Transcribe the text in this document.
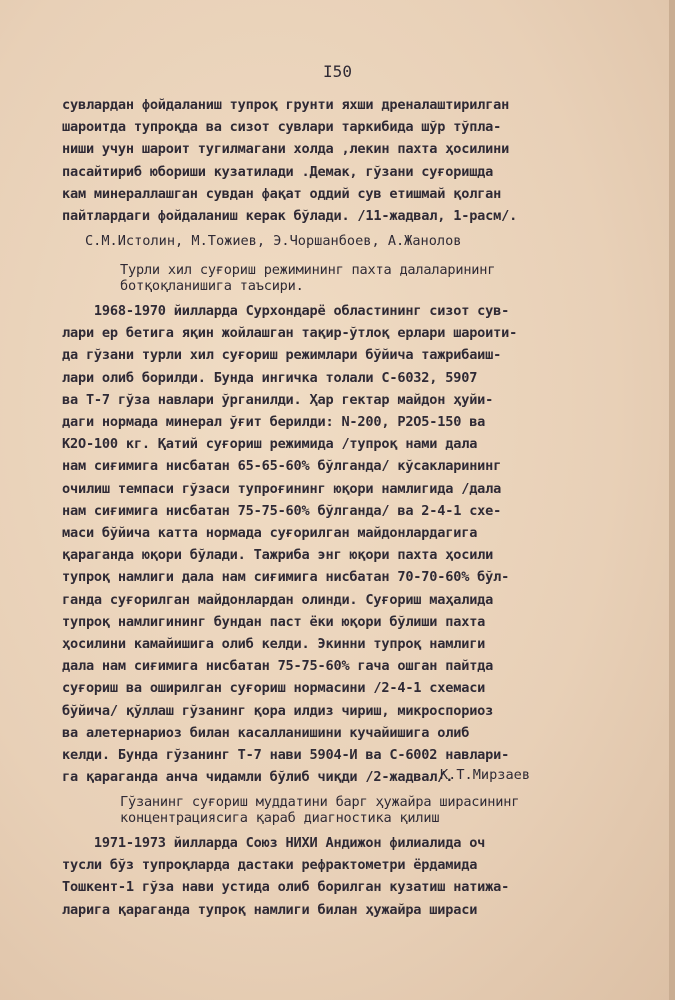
I50
сувлардан фойдаланиш тупроқ грунти яхши дреналаштирилган
шароитда тупроқда ва сизот сувлари таркибида шўр тўпла-
ниши учун шароит тугилмагани холда ,лекин пахта ҳосилини
пасайтириб юбориши кузатилади .Демак, гўзани суғоришда
кам минераллашган сувдан фақат оддий сув етишмай қолган
пайтлардаги фойдаланиш керак бўлади. /11-жадвал, 1-расм/.
С.М.Истолин, М.Тожиев, Э.Чоршанбоев, А.Жанолов
Турли хил суғориш режимининг пахта далаларининг
ботқоқланишига таъсири.
1968-1970 йилларда Сурхондарё областининг сизот сув-
лари ер бетига яқин жойлашган тақир-ўтлоқ ерлари шароити-
да гўзани турли хил суғориш режимлари бўйича тажрибаиш-
лари олиб борилди. Бунда ингичка толали С-6032, 5907
ва Т-7 гўза навлари ўрганилди. Ҳар гектар майдон ҳуйи-
даги нормада минерал ўғит берилди: N-200, P2O5-150 ва
K2O-100 кг. Қатий суғориш режимида /тупроқ нами дала
нам сиғимига нисбатан 65-65-60% бўлганда/ кўсакларининг
очилиш темпаси гўзаси тупроғининг юқори намлигида /дала
нам сиғимига нисбатан 75-75-60% бўлганда/ ва 2-4-1 схе-
маси бўйича катта нормада суғорилган майдонлардагига
қараганда юқори бўлади. Тажриба энг юқори пахта ҳосили
тупроқ намлиги дала нам сиғимига нисбатан 70-70-60% бўл-
ганда суғорилган майдонлардан олинди. Суғориш маҳалида
тупроқ намлигининг бундан паст ёки юқори бўлиши пахта
ҳосилини камайишига олиб келди. Экинни тупроқ намлиги
дала нам сиғимига нисбатан 75-75-60% гача ошган пайтда
суғориш ва оширилган суғориш нормасини /2-4-1 схемаси
бўйича/ қўллаш гўзанинг қора илдиз чириш, микроспориоз
ва алетернариоз билан касалланишини кучайишига олиб
келди. Бунда гўзанинг Т-7 нави 5904-И ва С-6002 навлари-
га қараганда анча чидамли бўлиб чиқди /2-жадвал/.
К.Т.Мирзаев
Гўзанинг суғориш муддатини барг ҳужайра ширасининг
концентрациясига қараб диагностика қилиш
1971-1973 йилларда Союз НИХИ Андижон филиалида оч
тусли бўз тупроқларда дастаки рефрактометри ёрдамида
Тошкент-1 гўза нави устида олиб борилган кузатиш натижа-
ларига қараганда тупроқ намлиги билан ҳужайра шираси
